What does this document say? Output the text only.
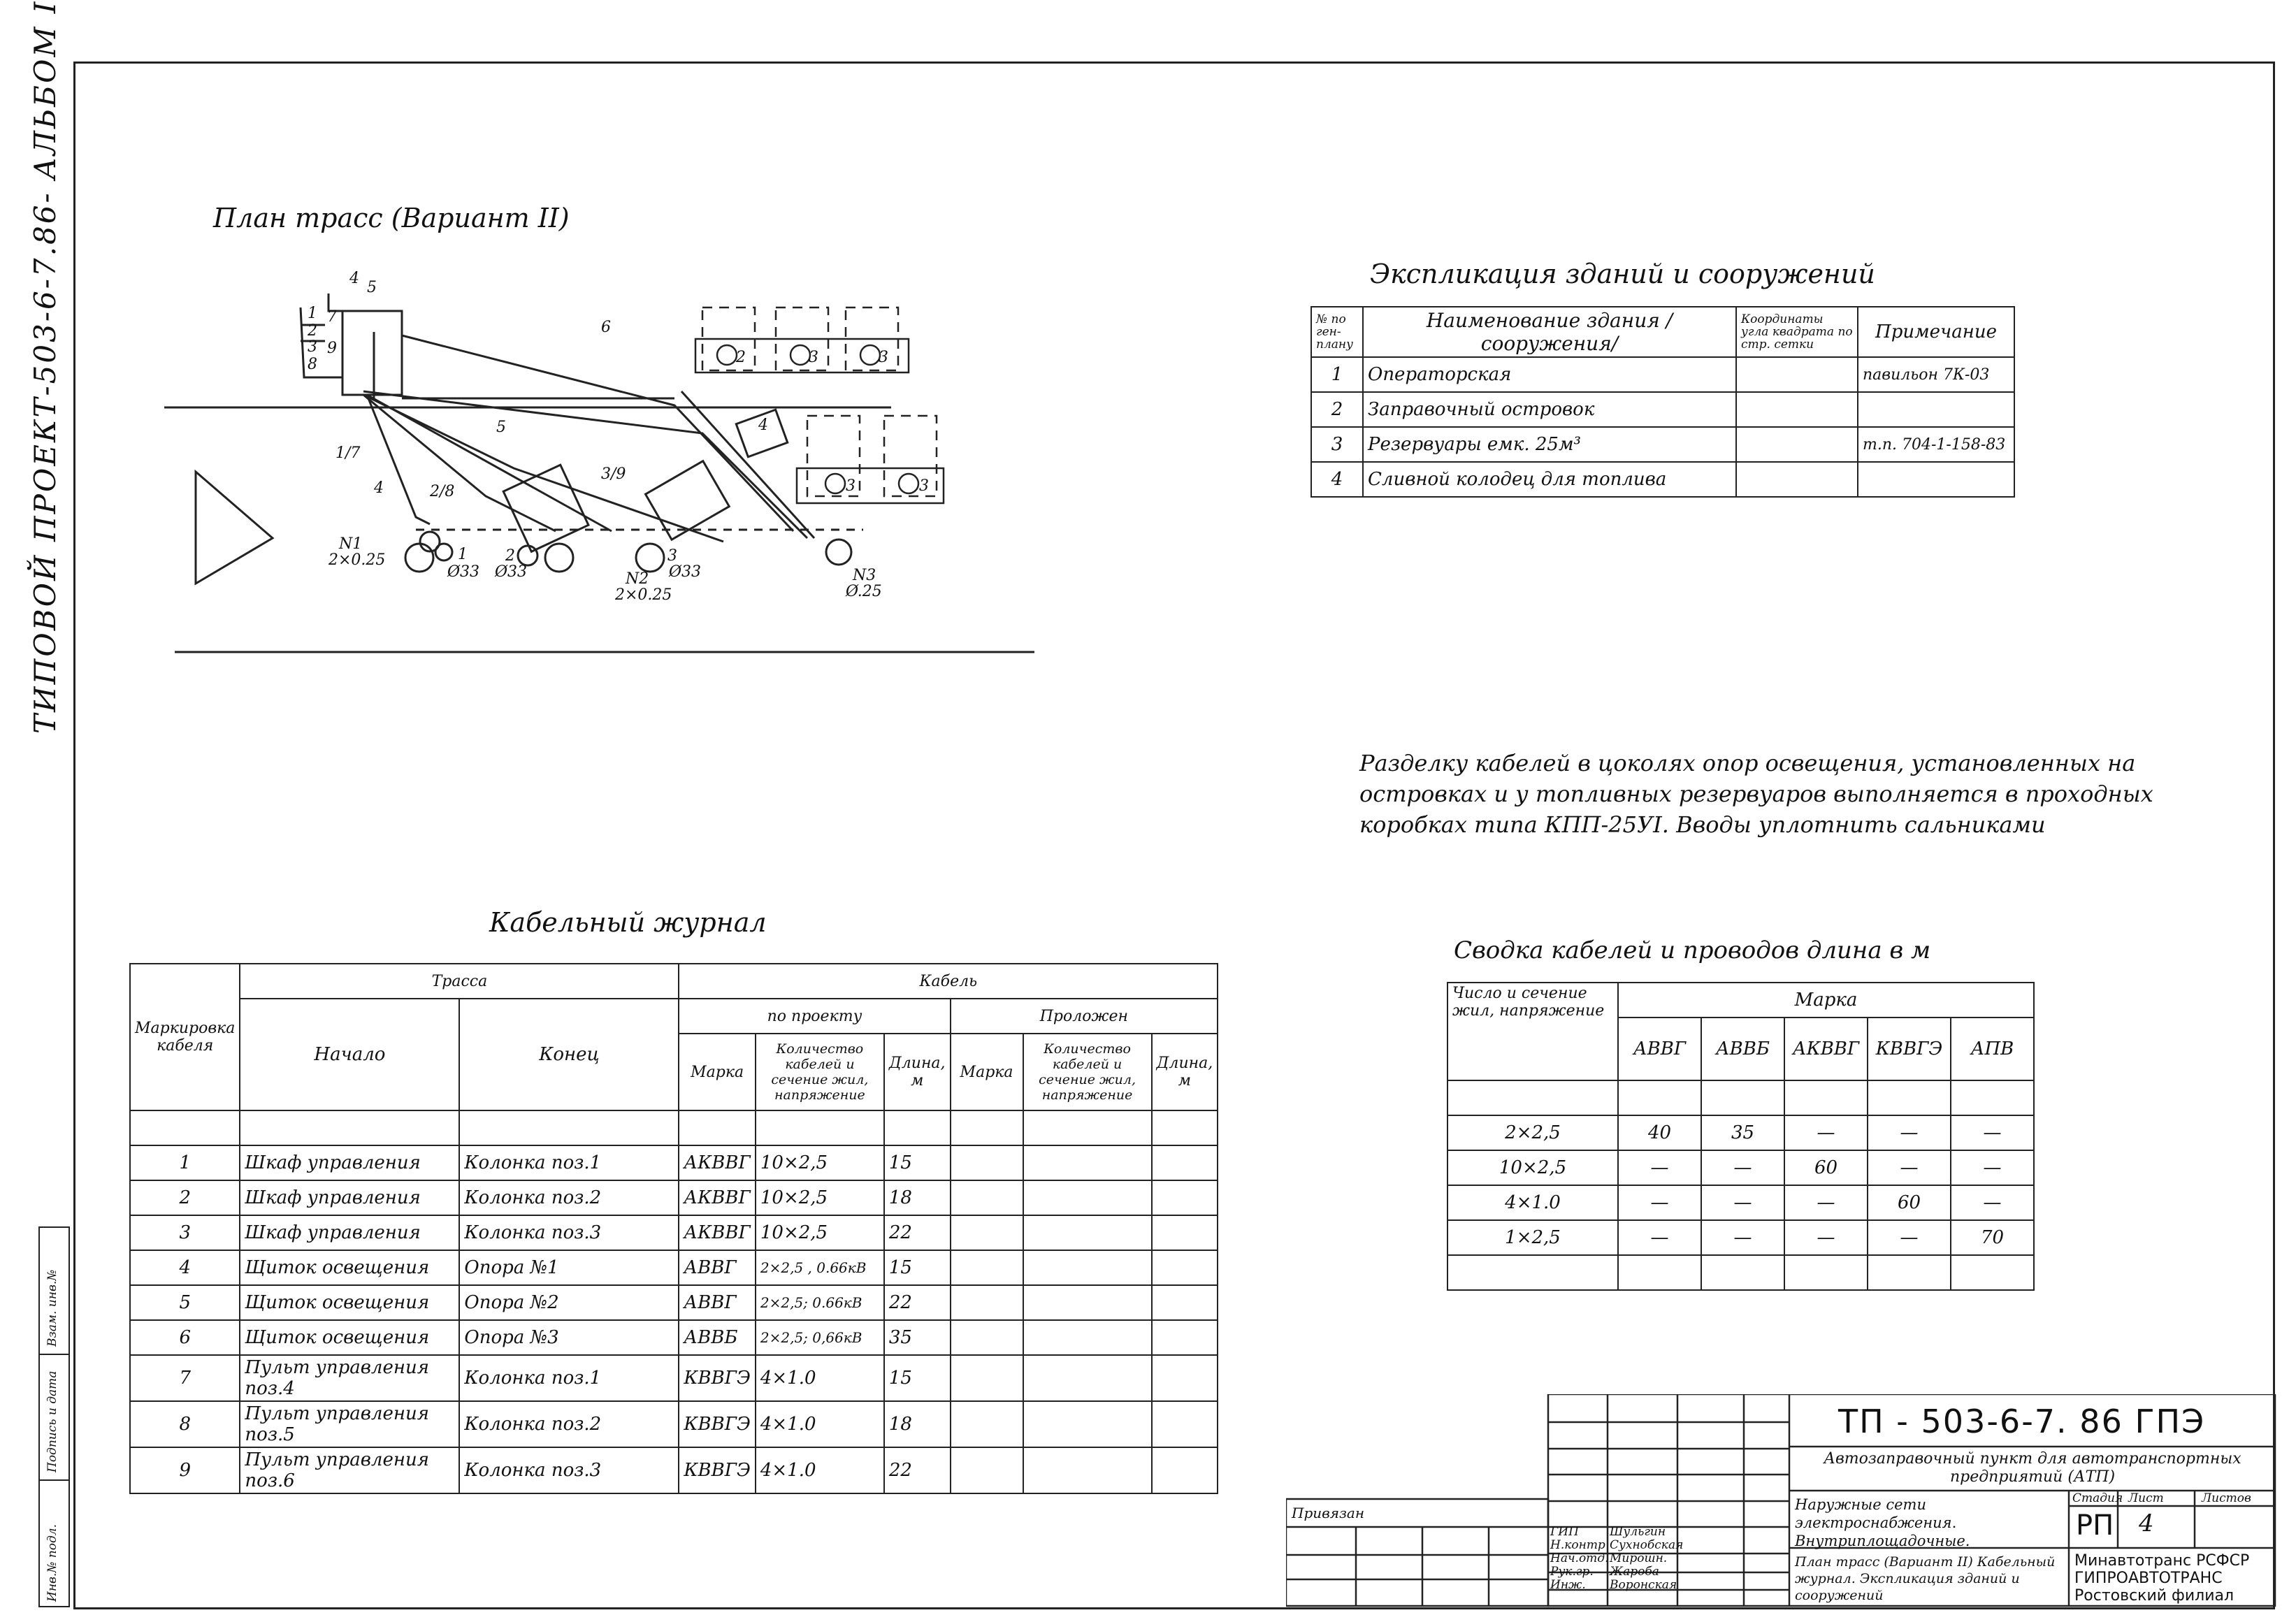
ТИПОВОЙ ПРОЕКТ-503-6-7.86- АЛЬБОМ I
Взам. инв.№
Подпись и дата
Инв.№ подл.
План трасс (Вариант II)
1
2
3
7
8
9
4
5
6
1/7
4	2/8
3/9
5	4
N1
2×0.25	1
Ø33
2
Ø33
3
Ø33
N2
2×0.25
N3
Ø.25
2	3	3
3	3
Экспликация зданий и сооружений
№ по ген-плану	Наименование здания /сооружения/	Координаты угла квадрата по стр. сетки	Примечание
1	Операторская		павильон 7К-03
2	Заправочный островок		
3	Резервуары емк. 25м³		т.п. 704-1-158-83
4	Сливной колодец для топлива		
Разделку кабелей в цоколях опор освещения, установленных на островках и у топливных резервуаров выполняется в проходных коробках типа КПП-25УI. Вводы уплотнить сальниками
Кабельный журнал
Маркировка кабеля	Трасса		Кабель					
	Начало	Конец	по проекту			Проложен		
			Марка	Количество кабелей и сечение жил, напряжение	Длина, м	Марка	Количество кабелей и сечение жил, напряжение	Длина, м

1	Шкаф управления	Колонка поз.1	АКВВГ	10×2,5	15			
2	Шкаф управления	Колонка поз.2	АКВВГ	10×2,5	18			
3	Шкаф управления	Колонка поз.3	АКВВГ	10×2,5	22			
4	Щиток освещения	Опора №1	АВВГ	2×2,5 , 0.66кВ	15			
5	Щиток освещения	Опора №2	АВВГ	2×2,5; 0.66кВ	22			
6	Щиток освещения	Опора №3	АВВБ	2×2,5; 0,66кВ	35			
7	Пульт управления поз.4	Колонка поз.1	КВВГЭ	4×1.0	15			
8	Пульт управления поз.5	Колонка поз.2	КВВГЭ	4×1.0	18			
9	Пульт управления поз.6	Колонка поз.3	КВВГЭ	4×1.0	22			
Сводка кабелей и проводов длина в м
Число и сечение жил, напряжение	Марка				
	АВВГ	АВВБ	АКВВГ	КВВГЭ	АПВ

2×2,5	40	35	—	—	—
10×2,5	—	—	60	—	—
4×1.0	—	—	—	60	—
1×2,5	—	—	—	—	70

ТП - 503-6-7. 86 ГПЭ
Автозаправочный пункт для автотранспортных предприятий (АТП)
Наружные сети электроснабжения. Внутриплощадочные.
Стадия Лист	Листов
РП 4
План трасс (Вариант II) Кабельный журнал. Экспликация зданий и сооружений
Минавтотранс РСФСР ГИПРОАВТОТРАНС Ростовский филиал
Привязан
ГИП
Н.контр
Нач.отд.
Рук.гр.
Инж.
Шульгин
Сухнобская
Мирошн.
Жароба
Воронская
